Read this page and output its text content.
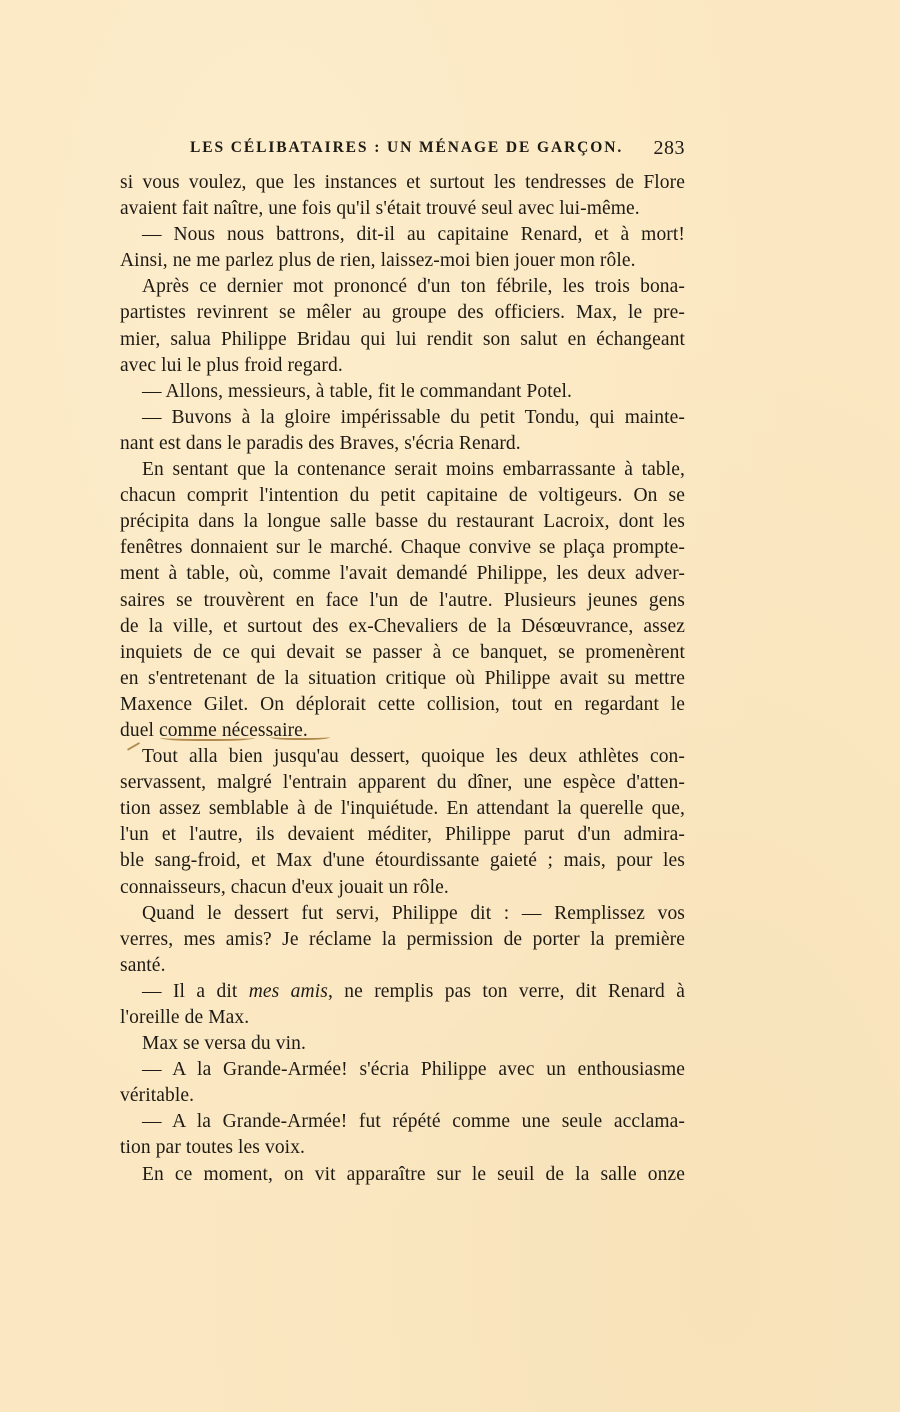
LES CÉLIBATAIRES : UN MÉNAGE DE GARÇON. 283
si vous voulez, que les instances et surtout les tendresses de Flore
avaient fait naître, une fois qu'il s'était trouvé seul avec lui-même.
— Nous nous battrons, dit-il au capitaine Renard, et à mort!
Ainsi, ne me parlez plus de rien, laissez-moi bien jouer mon rôle.
Après ce dernier mot prononcé d'un ton fébrile, les trois bona-
partistes revinrent se mêler au groupe des officiers. Max, le pre-
mier, salua Philippe Bridau qui lui rendit son salut en échangeant
avec lui le plus froid regard.
— Allons, messieurs, à table, fit le commandant Potel.
— Buvons à la gloire impérissable du petit Tondu, qui mainte-
nant est dans le paradis des Braves, s'écria Renard.
En sentant que la contenance serait moins embarrassante à table,
chacun comprit l'intention du petit capitaine de voltigeurs. On se
précipita dans la longue salle basse du restaurant Lacroix, dont les
fenêtres donnaient sur le marché. Chaque convive se plaça prompte-
ment à table, où, comme l'avait demandé Philippe, les deux adver-
saires se trouvèrent en face l'un de l'autre. Plusieurs jeunes gens
de la ville, et surtout des ex-Chevaliers de la Désœuvrance, assez
inquiets de ce qui devait se passer à ce banquet, se promenèrent
en s'entretenant de la situation critique où Philippe avait su mettre
Maxence Gilet. On déplorait cette collision, tout en regardant le
duel comme nécessaire.
Tout alla bien jusqu'au dessert, quoique les deux athlètes con-
servassent, malgré l'entrain apparent du dîner, une espèce d'atten-
tion assez semblable à de l'inquiétude. En attendant la querelle que,
l'un et l'autre, ils devaient méditer, Philippe parut d'un admira-
ble sang-froid, et Max d'une étourdissante gaieté ; mais, pour les
connaisseurs, chacun d'eux jouait un rôle.
Quand le dessert fut servi, Philippe dit : — Remplissez vos
verres, mes amis? Je réclame la permission de porter la première
santé.
— Il a dit mes amis, ne remplis pas ton verre, dit Renard à
l'oreille de Max.
Max se versa du vin.
— A la Grande-Armée! s'écria Philippe avec un enthousiasme
véritable.
— A la Grande-Armée! fut répété comme une seule acclama-
tion par toutes les voix.
En ce moment, on vit apparaître sur le seuil de la salle onze
